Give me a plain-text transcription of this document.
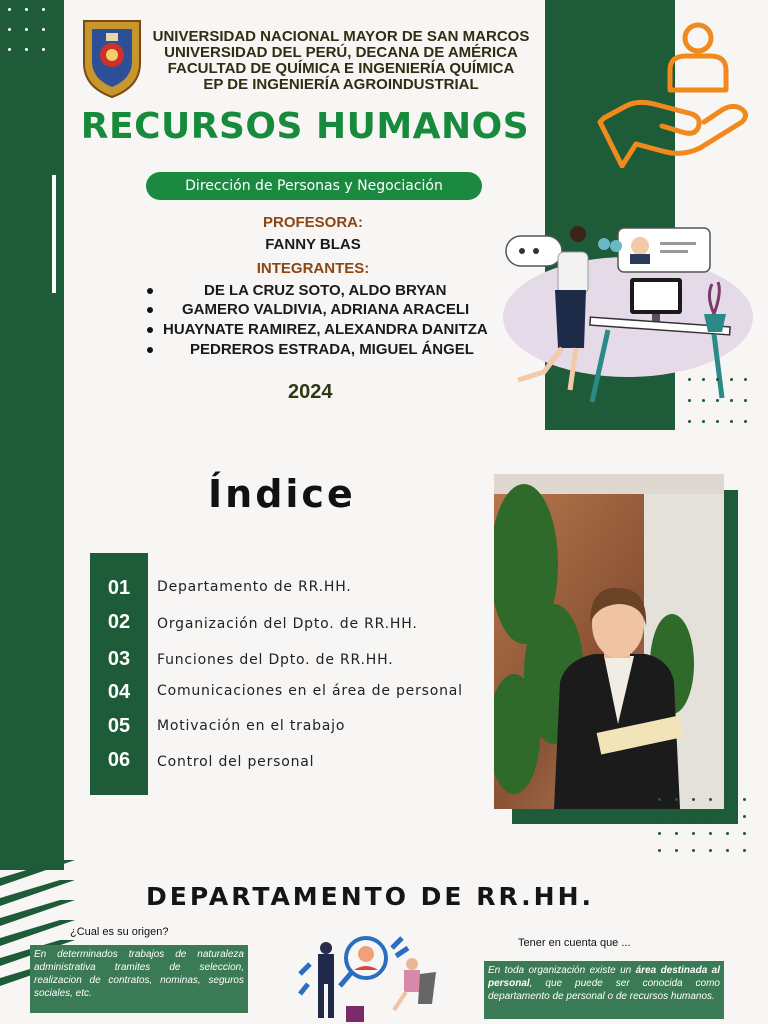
UNIVERSIDAD NACIONAL MAYOR DE SAN MARCOS
UNIVERSIDAD DEL PERÚ, DECANA DE AMÉRICA
FACULTAD DE QUÍMICA E INGENIERÍA QUÍMICA
EP DE INGENIERÍA AGROINDUSTRIAL
RECURSOS HUMANOS
Dirección de Personas y Negociación
PROFESORA:
FANNY BLAS
INTEGRANTES:
DE LA CRUZ SOTO, ALDO BRYAN
GAMERO VALDIVIA, ADRIANA ARACELI
HUAYNATE RAMIREZ, ALEXANDRA DANITZA
PEDREROS ESTRADA, MIGUEL ÁNGEL
2024
Índice
01
02
03
04
05
06
Departamento de RR.HH.
Organización del Dpto. de RR.HH.
Funciones del Dpto. de RR.HH.
Comunicaciones en el área de personal
Motivación en el trabajo
Control del personal
DEPARTAMENTO DE RR.HH.
¿Cual es su origen?
En determinados trabajos de naturaleza administrativa tramites de seleccion, realizacion de contratos, nominas, seguros sociales, etc.
Tener en cuenta que ...
En toda organización existe un área destinada al personal, que puede ser conocida como departamento de personal o de recursos humanos.
